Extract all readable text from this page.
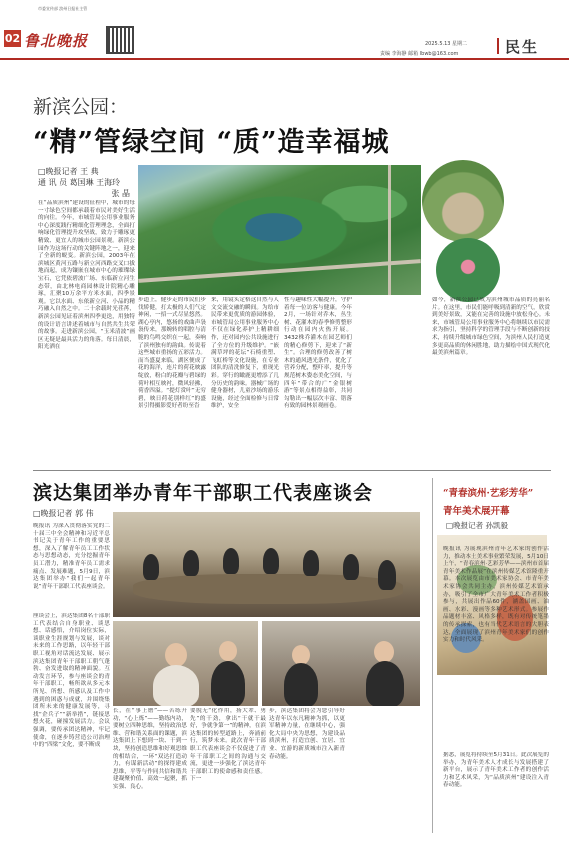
市委宣传部 滨州日报社主管
02 鲁北晚报	2025.5.13 星期二
责编 李海静 邮箱 lbwb@163.com	民生
新滨公园：
“精”管绿空间 “质”造幸福城
□晚报记者 王 典
通 讯 员 葛国琳 王海玲
张 晶
在“品质滨州”建设的征程中，城市的每一寸绿色空间都承载着市民对美好生活的向往。今年，市城管局公用事业服务中心深度践行精细化管理理念，全面打响绿化管理提升攻坚战，致力于雕琢更精致、更宜人的城市公园景观。新滨公园作为这场行动的关键阵地之一，迎来了全新的蜕变。新滨公园，2003年在滨城区黄河五路与新立河西路交叉口拔地而起，成为镶嵌在城市中心的璀璨绿宝石，它凭依碧波广场、东临新立河生态带，由北林电商园林设计院精心雕琢，汇聚10万余平方米水面，四季景观。它以水面、东依新立河、小品的精巧融入自然之中。二十余载时光荏苒，新滨公园见证着滨州四季更迭，用独特的设计语言讲述着城市与自然共生共荣的故事。走进新滨公园，“玉米清波”画区无疑是最具活力的角落。每日清晨，阳光洒在
步道上，健步走的市民们步伐矫健，打太极的人们气定神闲，一招一式尽显悠然。湖心亭内，悠扬的戏曲声袅袅传来，那婉转的唱腔与清脆的鸟鸣交织在一起，奏响了滨州独有的韵曲。传说着这些城市重扬的五彩活力。而当盛夏来临，湖区便成了花的海洋，连片的荷花映露绽放，粉白的花瓣与碧绿的荷叶相互映衬，微风轻拂，荷香四溢。“提灯赏叶”无穷碧，映日荷花别样红”的盛景引得摄影爱好者纷至沓
来，用镜头定格这自然与人文交流交融的瞬间。为给市民带来更优质的游园体验，市城管局公用事业服务中心不仅在绿化养护上精耕细作，还对园内公共设施进行了全方位的升级维护。“嵌满草坪的花坛”石椅重塑、飞虹桥等文化设施，在专业团队的清洗修复下，重现光彩。穿行的瞰鹿更增添了几分历史的韵味。器械广场的健身器材，儿童沙场的游乐设施，经过全面检修与日常维护，安全
性与趣味性大幅提升，守护着每一位访客与健康。今年2月，一场针对乔木，丛生树、花灌木的春季修剪整形行动在园内火热开展。3432株乔灌木在园艺师们的精心修剪下，迎来了“新生”。合理的修剪改善了树木的通风透光条件，优化了营养分配，整吓率，提升等规范树木姿态美化空间，与四年“带合的广”金银树游”等景点相得益彰，共同勾勒出一幅层次丰富、错落有致的园林景观画卷。
如今，新滨公园已成为滨州城市品质的亮丽名片。在这里，市民们能呼吸到清新的空气，欣赏到美好景致，又能在完善的设施中放松身心。未来，市城管局公用事业服务中心将继续以市民需求为指引，坚持科学的管理手段与不断创新的技术，持续升级城市绿色空间，为滨州人民打造更多更高品质的休闲胜地，助力描绘中国式现代化最美滨州篇章。
滨达集团举办青年干部职工代表座谈会
□晚报记者 郭 伟
晚报讯 为深入贯彻落实党的二十届三中全会精神和习近平总书记关于青年工作的重要思想，深入了解青年员工工作状态与思想动态，充分挖掘青年员工潜力，精准青年员工需求痛点、发展难题，5月9日，滨达集团举办“我们一起青年说”青年干部职工代表座谈会。
座谈会上，滨达集团8名干部职工代表结合自身职业、谈思想、话感悟，介绍岗位实际，谈职业生涯规划与发展，谈对未来的工作思路，以年轻干部职工视角对话流达发展、展示滨达集团青年干部职工朝气蓬勃、奋发进取的精神面貌。互动发言环节，参与座谈会的青年干部职工，畅所欲从多元本所见、所想、所感认及工作中遇到的困惑与成就，并围绕集团所未来的健康发展等，寻找“企兵子”“新举措”，链接思想火花，碰撞发展活力。会议强调，要传承团达精神，牢记使命，在逐步铸营造公司治理中的“四梁”文化，要不断成
长，在“事上磨”——苦练升功，“心上炼”——勤练内功，要树立四种思维，坚持政治思维、营和谐关系面的课题，滨达集团上下想到一块、干到一块，坚持创造思维和好观思维的相结合，一环“双达打造动力，有谋新活动”的探得建成思维，平等与作同共信和谐共建凝聚价值、高效一起聚，抓实强、良心。
要脱无“化作用，扬大辈、勇先”的干劲，拿出“干就干最好，争就争第一”的精神，在滨达集团的转型道路上，奔涌前行，筑梦未来。此次青年干部职工代表座谈会不仅促进了青年干部职工之间的沟通与交流，更进一步强化了滨达青年干部职工的使命感和责任感。下一
步，滨达集团将会为您引导好达青年以东凡精神为抓，以更军精神力量，在继续中心，强化大局中央为思想，为建设品质滨州，打造宜创、宜居、宜业、宜游的新质城市注入新青春动能。
“青春滨州·艺彩芳华”
青年美术展开幕
□晚报记者 孙凯毅
晚报讯 为展现滨州青年艺术家的创作活力，推动本土美术事业繁荣发展，5月10日上午，“青春滨州·艺彩芳华——滨州市首届青年美术作品展”在滨州传媒艺术馆隆重开幕。本次展览由市美术家协会、市青年美术家协会共同主办，滨州传媒艺术馆承办，吸引了全市广大青年美术工作者积极参与，共展出作品60件，涵盖国画、油画、水彩、漫画等多种艺术形式。参展作品题材丰富、风格多样，既有对传统笔墨的传承探索，也有当代艺术语言的大胆表达，全面展现了滨州青年美术家们的创作实力和时代风采。
据悉，展览将持续至5月31日。此次展览的举办，为青年美术人才成长与发展搭建了新平台，展示了青年美术工作者的创作活力和艺术风采，为“品质滨州”建设注入青春动能。
